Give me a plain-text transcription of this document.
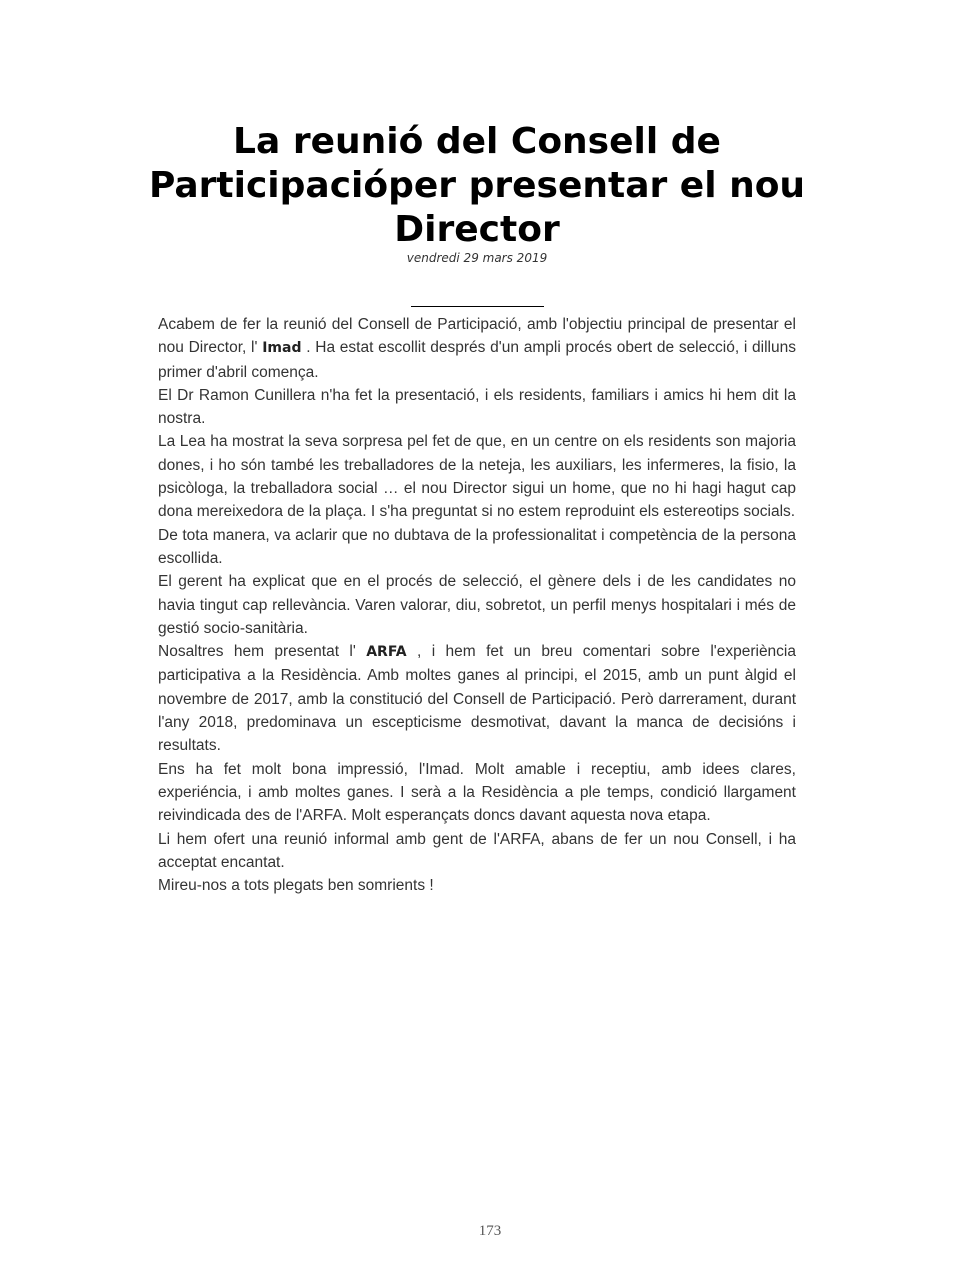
La reunió del Consell de Participacióper presentar el nou Director
vendredi 29 mars 2019

Acabem de fer la reunió del Consell de Participació, amb l'objectiu principal de presentar el nou Director, l' Imad . Ha estat escollit després d'un ampli procés obert de selecció, i dilluns primer d'abril comença.

El Dr Ramon Cunillera n'ha fet la presentació, i els residents, familiars i amics hi hem dit la nostra.

La Lea ha mostrat la seva sorpresa pel fet de que, en un centre on els residents son majoria dones, i ho són també les treballadores de la neteja, les auxiliars, les infermeres, la fisio, la psicòloga, la treballadora social … el nou Director sigui un home, que no hi hagi hagut cap dona mereixedora de la plaça. I s'ha preguntat si no estem reproduint els estereotips socials.

De tota manera, va aclarir que no dubtava de la professionalitat i competència de la persona escollida.

El gerent ha explicat que en el procés de selecció, el gènere dels i de les candidates no havia tingut cap rellevància. Varen valorar, diu, sobretot, un perfil menys hospitalari i més de gestió socio-sanitària.

Nosaltres hem presentat l' ARFA , i hem fet un breu comentari sobre l'experiència participativa a la Residència. Amb moltes ganes al principi, el 2015, amb un punt àlgid el novembre de 2017, amb la constitució del Consell de Participació. Però darrerament, durant l'any 2018, predominava un escepticisme desmotivat, davant la manca de decisións i resultats.

Ens ha fet molt bona impressió, l'Imad. Molt amable i receptiu, amb idees clares, experiéncia, i amb moltes ganes. I serà a la Residència a ple temps, condició llargament reivindicada des de l'ARFA. Molt esperançats doncs davant aquesta nova etapa.

Li hem ofert una reunió informal amb gent de l'ARFA, abans de fer un nou Consell, i ha acceptat encantat.

Mireu-nos a tots plegats ben somrients !

173
